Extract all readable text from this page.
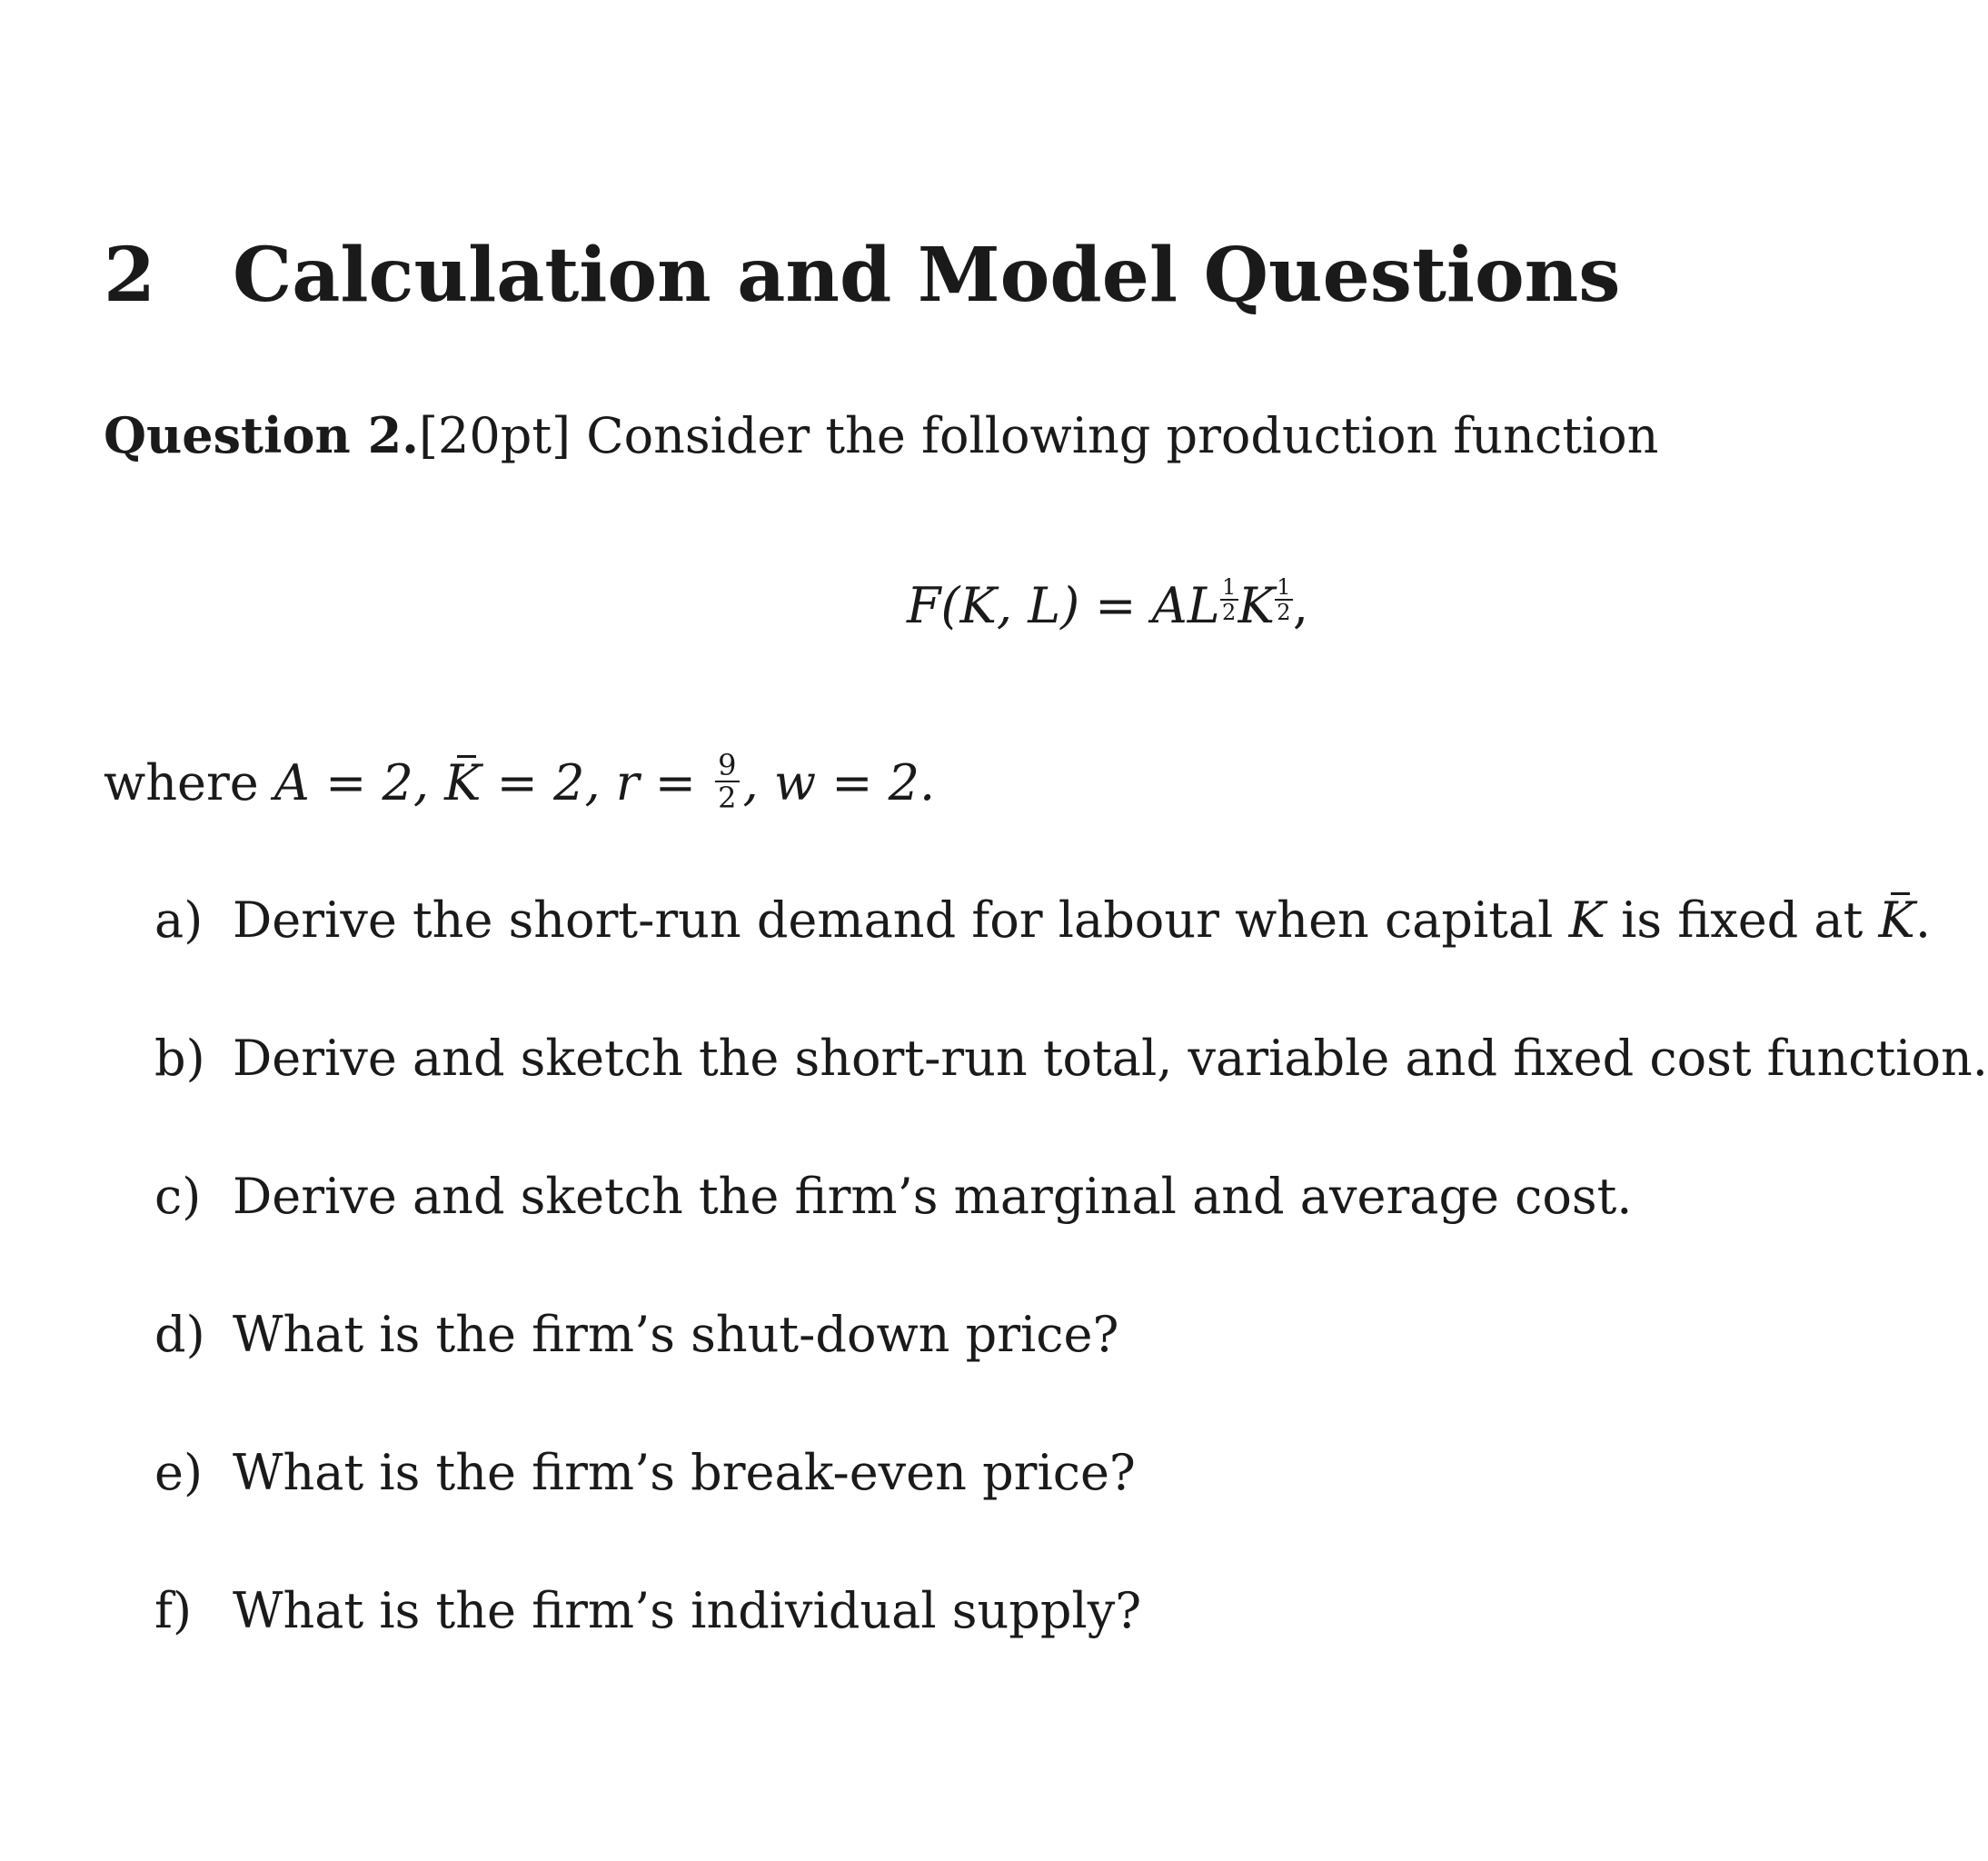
2 Calculation and Model Questions
Question 2.[20pt] Consider the following production function
F(K, L) = AL $\frac{1}{2}$ K $\frac{1}{2}$ ,
where A = 2, K = 2, $r = \frac{9}{2}$ , w = 2.
a) Derive the short-run demand for labour when capital K is fixed at K.
b) Derive and sketch the short-run total, variable and fixed cost function.
c) Derive and sketch the firm’s marginal and average cost.
d) What is the firm’s shut-down price?
e) What is the firm’s break-even price?
f) What is the firm’s individual supply?
